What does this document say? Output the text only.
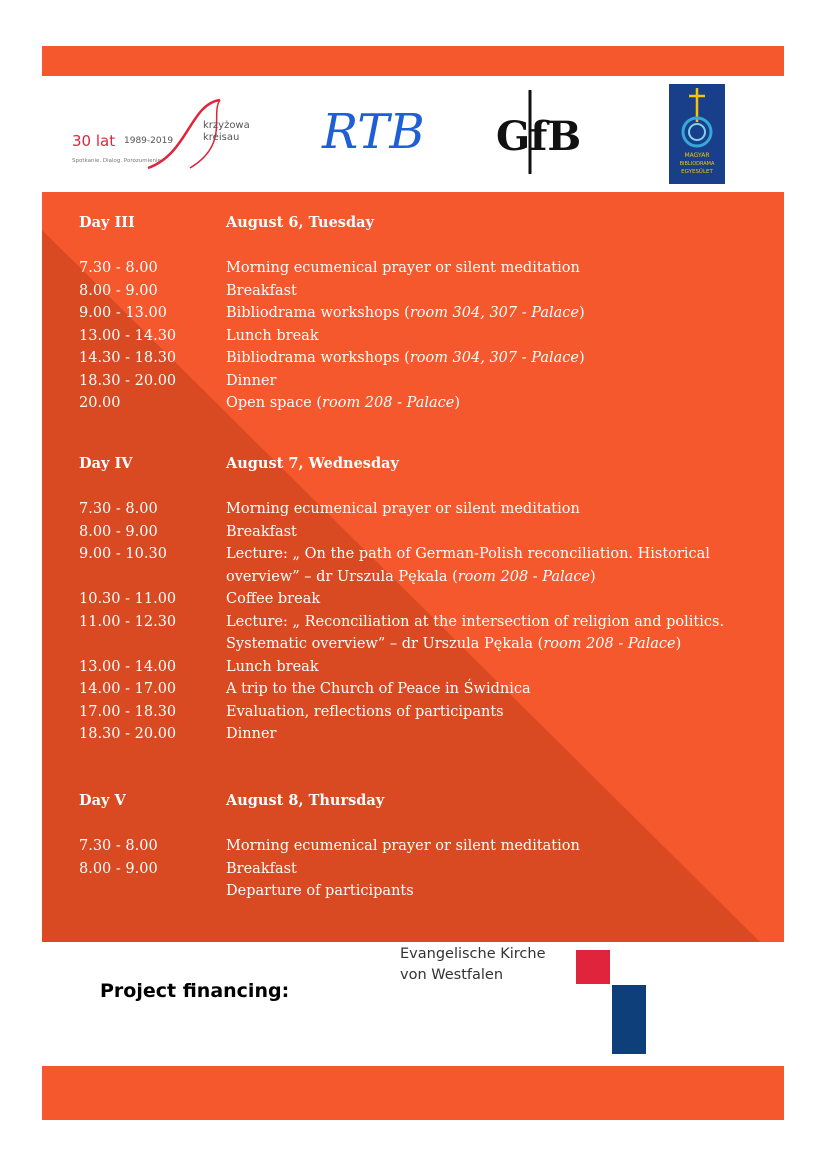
30 lat 1989-2019
krzyżowa
kreisau
Spotkanie. Dialog. Porozumienie
RTB GfB	MAGYAR
BIBLIODRAMA
EGYESÜLET
Day III	August 6, Tuesday
7.30 - 8.00	Morning ecumenical prayer or silent meditation
8.00 - 9.00	Breakfast
9.00 - 13.00	Bibliodrama workshops (room 304, 307 - Palace)
13.00 - 14.30	Lunch break
14.30 - 18.30	Bibliodrama workshops (room 304, 307 - Palace)
18.30 - 20.00	Dinner
20.00	Open space (room 208 - Palace)
Day IV	August 7, Wednesday
7.30 - 8.00	Morning ecumenical prayer or silent meditation
8.00 - 9.00	Breakfast
9.00 - 10.30	Lecture: „ On the path of German-Polish reconciliation. Historical
overview” – dr Urszula Pękala (room 208 - Palace)
10.30 - 11.00	Coffee break
11.00 - 12.30	Lecture: „ Reconciliation at the intersection of religion and politics.
Systematic overview” – dr Urszula Pękala (room 208 - Palace)
13.00 - 14.00	Lunch break
14.00 - 17.00	A trip to the Church of Peace in Świdnica
17.00 - 18.30	Evaluation, reflections of participants
18.30 - 20.00	Dinner
Day V	August 8, Thursday
7.30 - 8.00	Morning ecumenical prayer or silent meditation
8.00 - 9.00	Breakfast
Departure of participants
Project financing:
Evangelische Kirche
von Westfalen
